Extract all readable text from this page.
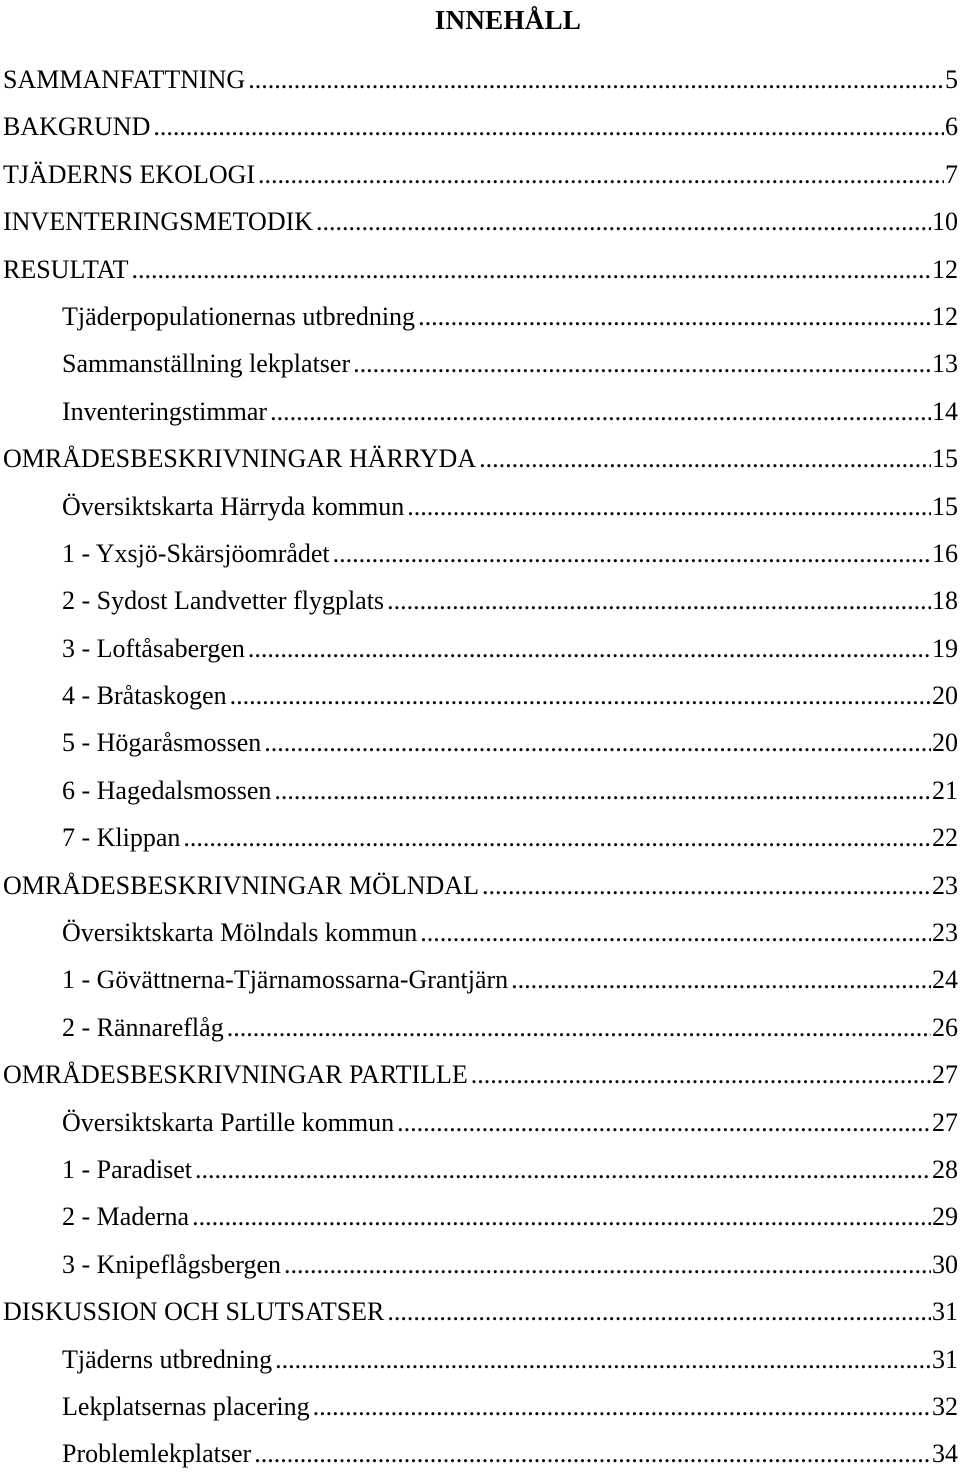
INNEHÅLL
SAMMANFATTNING .....	5
BAKGRUND .....	6
TJÄDERNS EKOLOGI .....	7
INVENTERINGSMETODIK .....	10
RESULTAT .....	12
Tjäderpopulationernas utbredning .....	12
Sammanställning lekplatser .....	13
Inventeringstimmar .....	14
OMRÅDESBESKRIVNINGAR HÄRRYDA .....	15
Översiktskarta Härryda kommun .....	15
1 - Yxsjö-Skärsjöområdet .....	16
2 - Sydost Landvetter flygplats .....	18
3 - Loftåsabergen .....	19
4 - Bråtaskogen .....	20
5 - Högaråsmossen .....	20
6 - Hagedalsmossen .....	21
7 - Klippan .....	22
OMRÅDESBESKRIVNINGAR MÖLNDAL .....	23
Översiktskarta Mölndals kommun .....	23
1 - Gövättnerna-Tjärnamossarna-Grantjärn .....	24
2 - Rännareflåg .....	26
OMRÅDESBESKRIVNINGAR PARTILLE .....	27
Översiktskarta Partille kommun .....	27
1 - Paradiset .....	28
2 - Maderna .....	29
3 - Knipeflågsbergen .....	30
DISKUSSION OCH SLUTSATSER .....	31
Tjäderns utbredning .....	31
Lekplatsernas placering .....	32
Problemlekplatser .....	34
